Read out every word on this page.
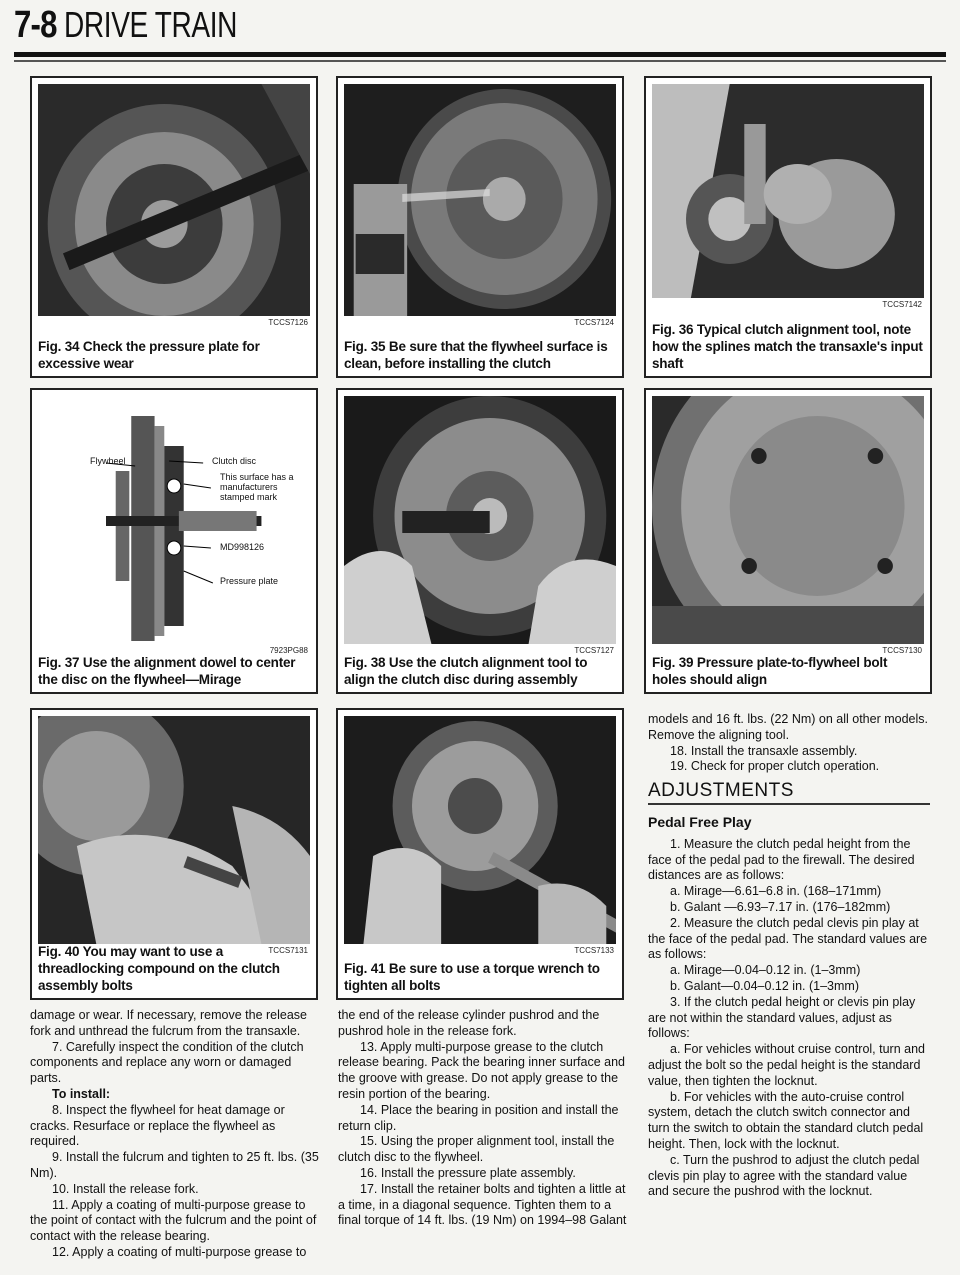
7-8 DRIVE TRAIN
TCCS7126
Fig. 34 Check the pressure plate for excessive wear
TCCS7124
Fig. 35 Be sure that the flywheel surface is clean, before installing the clutch
TCCS7142
Fig. 36 Typical clutch alignment tool, note how the splines match the transaxle's input shaft
Flywheel	Clutch disc
This surface has a manufacturers stamped mark
MD998126
Pressure plate
7923PG88
Fig. 37 Use the alignment dowel to center the disc on the flywheel—Mirage
TCCS7127
Fig. 38 Use the clutch alignment tool to align the clutch disc during assembly
TCCS7130
Fig. 39 Pressure plate-to-flywheel bolt holes should align
TCCS7131
Fig. 40 You may want to use a threadlocking compound on the clutch assembly bolts
TCCS7133
Fig. 41 Be sure to use a torque wrench to tighten all bolts

damage or wear. If necessary, remove the release fork and unthread the fulcrum from the transaxle.

7. Carefully inspect the condition of the clutch components and replace any worn or damaged parts.

To install:

8. Inspect the flywheel for heat damage or cracks. Resurface or replace the flywheel as required.

9. Install the fulcrum and tighten to 25 ft. lbs. (35 Nm).

10. Install the release fork.

11. Apply a coating of multi-purpose grease to the point of contact with the fulcrum and the point of contact with the release bearing.

12. Apply a coating of multi-purpose grease to

the end of the release cylinder pushrod and the pushrod hole in the release fork.

13. Apply multi-purpose grease to the clutch release bearing. Pack the bearing inner surface and the groove with grease. Do not apply grease to the resin portion of the bearing.

14. Place the bearing in position and install the return clip.

15. Using the proper alignment tool, install the clutch disc to the flywheel.

16. Install the pressure plate assembly.

17. Install the retainer bolts and tighten a little at a time, in a diagonal sequence. Tighten them to a final torque of 14 ft. lbs. (19 Nm) on 1994–98 Galant

models and 16 ft. lbs. (22 Nm) on all other models. Remove the aligning tool.

18. Install the transaxle assembly.

19. Check for proper clutch operation.

ADJUSTMENTS
Pedal Free Play

1. Measure the clutch pedal height from the face of the pedal pad to the firewall. The desired distances are as follows:

a. Mirage—6.61–6.8 in. (168–171mm)

b. Galant —6.93–7.17 in. (176–182mm)

2. Measure the clutch pedal clevis pin play at the face of the pedal pad. The standard values are as follows:

a. Mirage—0.04–0.12 in. (1–3mm)

b. Galant—0.04–0.12 in. (1–3mm)

3. If the clutch pedal height or clevis pin play are not within the standard values, adjust as follows:

a. For vehicles without cruise control, turn and adjust the bolt so the pedal height is the standard value, then tighten the locknut.

b. For vehicles with the auto-cruise control system, detach the clutch switch connector and turn the switch to obtain the standard clutch pedal height. Then, lock with the locknut.

c. Turn the pushrod to adjust the clutch pedal clevis pin play to agree with the standard value and secure the pushrod with the locknut.
